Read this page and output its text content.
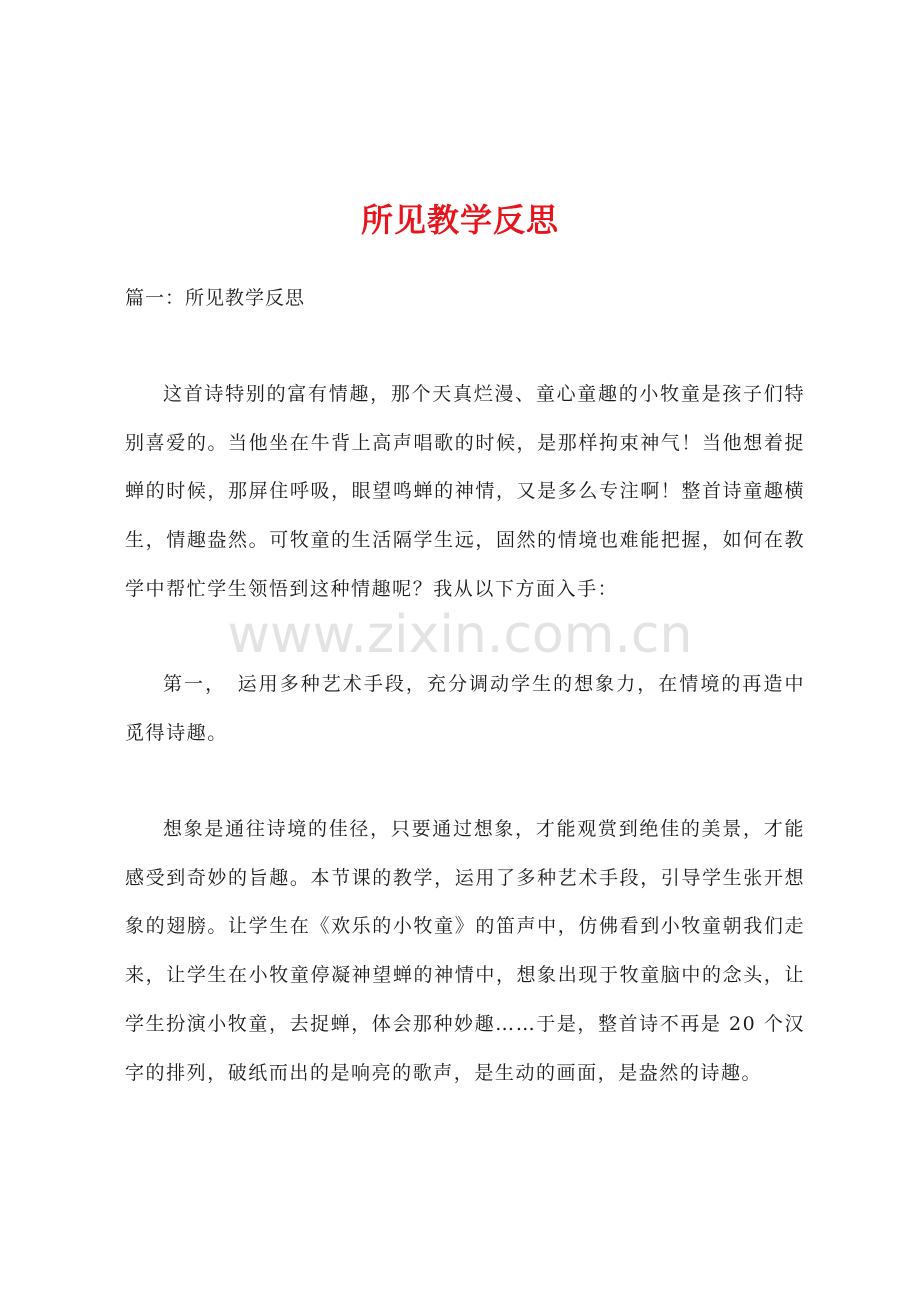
所见教学反思

篇一：所见教学反思

这首诗特别的富有情趣，那个天真烂漫、童心童趣的小牧童是孩子们特别喜爱的。当他坐在牛背上高声唱歌的时候，是那样拘束神气！当他想着捉蝉的时候，那屏住呼吸，眼望鸣蝉的神情，又是多么专注啊！整首诗童趣横生，情趣盎然。可牧童的生活隔学生远，固然的情境也难能把握，如何在教学中帮忙学生领悟到这种情趣呢？我从以下方面入手：

www.zixin.com.cn

第一，　运用多种艺术手段，充分调动学生的想象力，在情境的再造中觅得诗趣。

想象是通往诗境的佳径，只要通过想象，才能观赏到绝佳的美景，才能感受到奇妙的旨趣。本节课的教学，运用了多种艺术手段，引导学生张开想象的翅膀。让学生在《欢乐的小牧童》的笛声中，仿佛看到小牧童朝我们走来，让学生在小牧童停凝神望蝉的神情中，想象出现于牧童脑中的念头，让学生扮演小牧童，去捉蝉，体会那种妙趣……于是，整首诗不再是 20 个汉字的排列，破纸而出的是响亮的歌声，是生动的画面，是盎然的诗趣。
